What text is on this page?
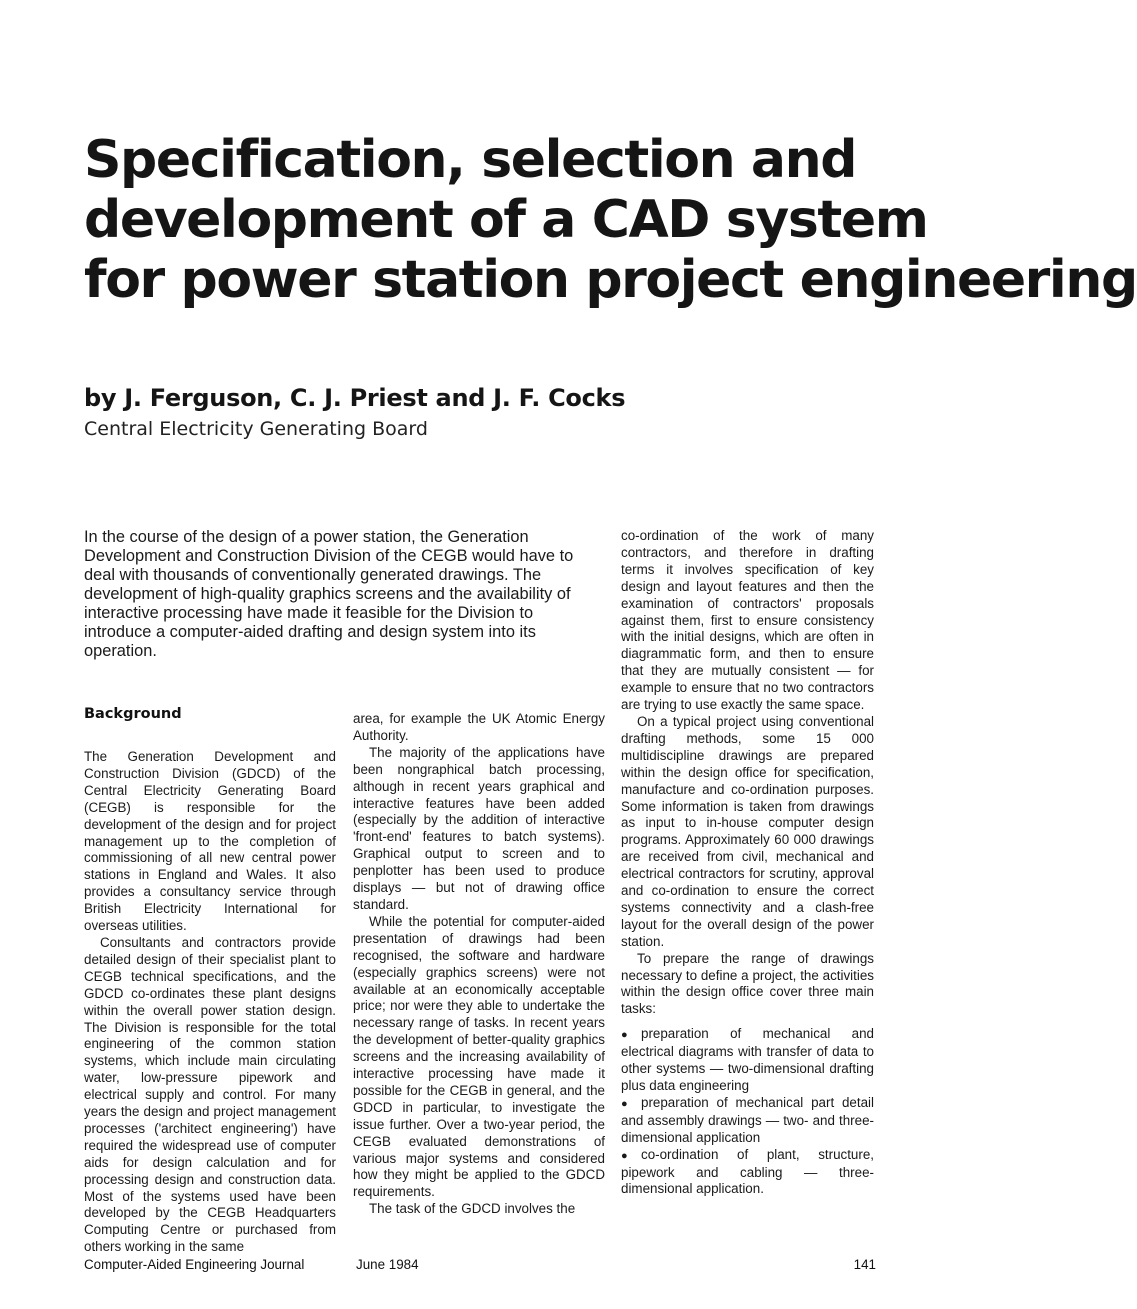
Specification, selection and
development of a CAD system
for power station project engineering

by J. Ferguson, C. J. Priest and J. F. Cocks

Central Electricity Generating Board

In the course of the design of a power station, the Generation
Development and Construction Division of the CEGB would have to
deal with thousands of conventionally generated drawings. The
development of high-quality graphics screens and the availability of
interactive processing have made it feasible for the Division to
introduce a computer-aided drafting and design system into its
operation.
Background

The Generation Development and Construction Division (GDCD) of the Central Electricity Generating Board (CEGB) is responsible for the development of the design and for project management up to the completion of commissioning of all new central power stations in England and Wales. It also provides a consultancy service through British Electricity International for overseas utilities.

Consultants and contractors provide detailed design of their specialist plant to CEGB technical specifications, and the GDCD co-ordinates these plant designs within the overall power station design. The Division is responsible for the total engineering of the common station systems, which include main circulating water, low-pressure pipework and electrical supply and control. For many years the design and project management processes ('architect engineering') have required the widespread use of computer aids for design calculation and for processing design and construction data. Most of the systems used have been developed by the CEGB Headquarters Computing Centre or purchased from others working in the same

area, for example the UK Atomic Energy Authority.

The majority of the applications have been nongraphical batch processing, although in recent years graphical and interactive features have been added (especially by the addition of interactive 'front-end' features to batch systems). Graphical output to screen and to penplotter has been used to produce displays — but not of drawing office standard.

While the potential for computer-aided presentation of drawings had been recognised, the software and hardware (especially graphics screens) were not available at an economically acceptable price; nor were they able to undertake the necessary range of tasks. In recent years the development of better-quality graphics screens and the increasing availability of interactive processing have made it possible for the CEGB in general, and the GDCD in particular, to investigate the issue further. Over a two-year period, the CEGB evaluated demonstrations of various major systems and considered how they might be applied to the GDCD requirements.

The task of the GDCD involves the

co-ordination of the work of many contractors, and therefore in drafting terms it involves specification of key design and layout features and then the examination of contractors' proposals against them, first to ensure consistency with the initial designs, which are often in diagrammatic form, and then to ensure that they are mutually consistent — for example to ensure that no two contractors are trying to use exactly the same space.

On a typical project using conventional drafting methods, some 15 000 multidiscipline drawings are prepared within the design office for specification, manufacture and co-ordination purposes. Some information is taken from drawings as input to in-house computer design programs. Approximately 60 000 drawings are received from civil, mechanical and electrical contractors for scrutiny, approval and co-ordination to ensure the correct systems connectivity and a clash-free layout for the overall design of the power station.

To prepare the range of drawings necessary to define a project, the activities within the design office cover three main tasks:

● preparation of mechanical and electrical diagrams with transfer of data to other systems — two-dimensional drafting plus data engineering
● preparation of mechanical part detail and assembly drawings — two- and three-dimensional application
● co-ordination of plant, structure, pipework and cabling — three-dimensional application.
Computer-Aided Engineering Journal	June 1984	141
